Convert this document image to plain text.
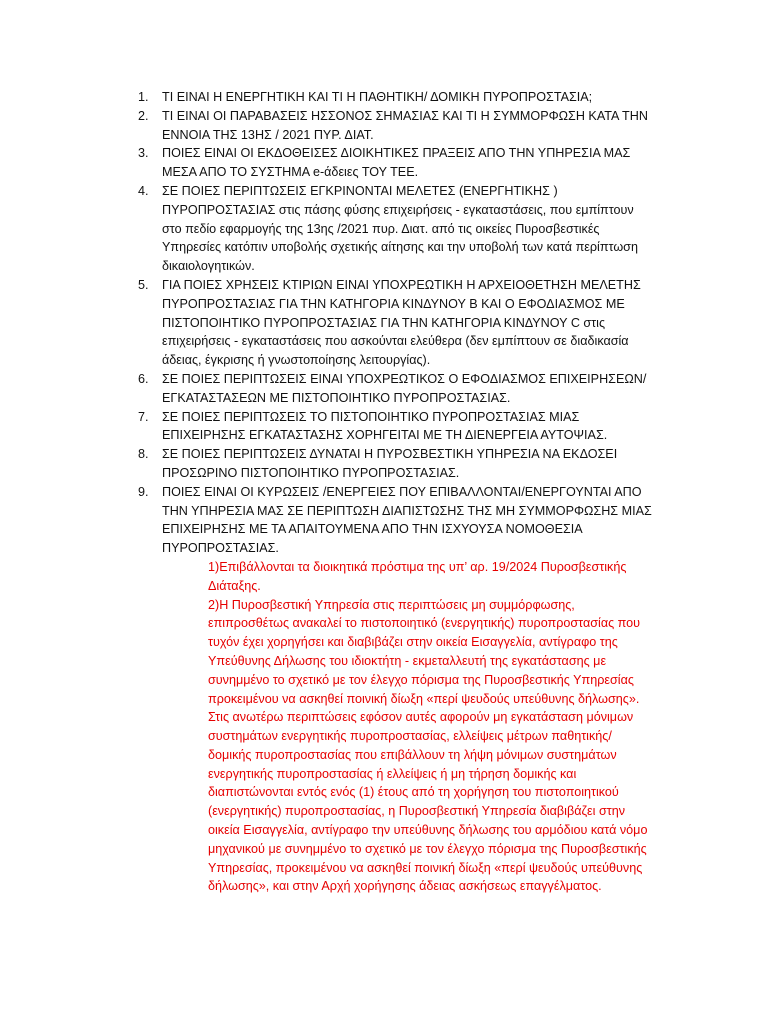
1. ΤΙ ΕΙΝΑΙ Η ΕΝΕΡΓΗΤΙΚΗ ΚΑΙ ΤΙ Η ΠΑΘΗΤΙΚΗ/ ΔΟΜΙΚΗ ΠΥΡΟΠΡΟΣΤΑΣΙΑ;
2. ΤΙ ΕΙΝΑΙ ΟΙ ΠΑΡΑΒΑΣΕΙΣ ΗΣΣΟΝΟΣ ΣΗΜΑΣΙΑΣ ΚΑΙ ΤΙ Η ΣΥΜΜΟΡΦΩΣΗ ΚΑΤΑ ΤΗΝ ΕΝΝΟΙΑ ΤΗΣ 13ΗΣ / 2021 ΠΥΡ. ΔΙΑΤ.
3. ΠΟΙΕΣ ΕΙΝΑΙ ΟΙ ΕΚΔΟΘΕΙΣΕΣ ΔΙΟΙΚΗΤΙΚΕΣ ΠΡΑΞΕΙΣ ΑΠΟ ΤΗΝ ΥΠΗΡΕΣΙΑ ΜΑΣ ΜΕΣΑ ΑΠΟ ΤΟ ΣΥΣΤΗΜΑ e-άδειες ΤΟΥ ΤΕΕ.
4. ΣΕ ΠΟΙΕΣ ΠΕΡΙΠΤΩΣΕΙΣ ΕΓΚΡΙΝΟΝΤΑΙ ΜΕΛΕΤΕΣ (ΕΝΕΡΓΗΤΙΚΗΣ ) ΠΥΡΟΠΡΟΣΤΑΣΙΑΣ στις πάσης φύσης επιχειρήσεις - εγκαταστάσεις, που εμπίπτουν στο πεδίο εφαρμογής της 13ης /2021 πυρ. Διατ. από τις οικείες Πυροσβεστικές Υπηρεσίες κατόπιν υποβολής σχετικής αίτησης και την υποβολή των κατά περίπτωση δικαιολογητικών.
5. ΓΙΑ ΠΟΙΕΣ ΧΡΗΣΕΙΣ ΚΤΙΡΙΩΝ ΕΙΝΑΙ ΥΠΟΧΡΕΩΤΙΚΗ Η ΑΡΧΕΙΟΘΕΤΗΣΗ ΜΕΛΕΤΗΣ ΠΥΡΟΠΡΟΣΤΑΣΙΑΣ ΓΙΑ ΤΗΝ ΚΑΤΗΓΟΡΙΑ ΚΙΝΔΥΝΟΥ Β ΚΑΙ Ο ΕΦΟΔΙΑΣΜΟΣ ΜΕ ΠΙΣΤΟΠΟΙΗΤΙΚΟ ΠΥΡΟΠΡΟΣΤΑΣΙΑΣ ΓΙΑ ΤΗΝ ΚΑΤΗΓΟΡΙΑ ΚΙΝΔΥΝΟΥ C στις επιχειρήσεις - εγκαταστάσεις που ασκούνται ελεύθερα (δεν εμπίπτουν σε διαδικασία άδειας, έγκρισης ή γνωστοποίησης λειτουργίας).
6. ΣΕ ΠΟΙΕΣ ΠΕΡΙΠΤΩΣΕΙΣ ΕΙΝΑΙ ΥΠΟΧΡΕΩΤΙΚΟΣ Ο ΕΦΟΔΙΑΣΜΟΣ ΕΠΙΧΕΙΡΗΣΕΩΝ/ΕΓΚΑΤΑΣΤΑΣΕΩΝ ΜΕ ΠΙΣΤΟΠΟΙΗΤΙΚΟ ΠΥΡΟΠΡΟΣΤΑΣΙΑΣ.
7. ΣΕ ΠΟΙΕΣ ΠΕΡΙΠΤΩΣΕΙΣ ΤΟ ΠΙΣΤΟΠΟΙΗΤΙΚΟ ΠΥΡΟΠΡΟΣΤΑΣΙΑΣ ΜΙΑΣ ΕΠΙΧΕΙΡΗΣΗΣ ΕΓΚΑΤΑΣΤΑΣΗΣ ΧΟΡΗΓΕΙΤΑΙ ΜΕ ΤΗ ΔΙΕΝΕΡΓΕΙΑ ΑΥΤΟΨΙΑΣ.
8. ΣΕ ΠΟΙΕΣ ΠΕΡΙΠΤΩΣΕΙΣ ΔΥΝΑΤΑΙ Η ΠΥΡΟΣΒΕΣΤΙΚΗ ΥΠΗΡΕΣΙΑ ΝΑ ΕΚΔΟΣΕΙ ΠΡΟΣΩΡΙΝΟ ΠΙΣΤΟΠΟΙΗΤΙΚΟ ΠΥΡΟΠΡΟΣΤΑΣΙΑΣ.
9. ΠΟΙΕΣ ΕΙΝΑΙ ΟΙ ΚΥΡΩΣΕΙΣ /ΕΝΕΡΓΕΙΕΣ ΠΟΥ ΕΠΙΒΑΛΛΟΝΤΑΙ/ΕΝΕΡΓΟΥΝΤΑΙ ΑΠΟ ΤΗΝ ΥΠΗΡΕΣΙΑ ΜΑΣ ΣΕ ΠΕΡΙΠΤΩΣΗ ΔΙΑΠΙΣΤΩΣΗΣ ΤΗΣ ΜΗ ΣΥΜΜΟΡΦΩΣΗΣ ΜΙΑΣ ΕΠΙΧΕΙΡΗΣΗΣ ΜΕ ΤΑ ΑΠΑΙΤΟΥΜΕΝΑ ΑΠΟ ΤΗΝ ΙΣΧΥΟΥΣΑ ΝΟΜΟΘΕΣΙΑ ΠΥΡΟΠΡΟΣΤΑΣΙΑΣ.
1)Επιβάλλονται τα διοικητικά πρόστιμα της υπ’ αρ. 19/2024 Πυροσβεστικής Διάταξης.
2)Η Πυροσβεστική Υπηρεσία στις περιπτώσεις μη συμμόρφωσης, επιπροσθέτως ανακαλεί το πιστοποιητικό (ενεργητικής) πυροπροστασίας που τυχόν έχει χορηγήσει και διαβιβάζει στην οικεία Εισαγγελία, αντίγραφο της Υπεύθυνης Δήλωσης του ιδιοκτήτη - εκμεταλλευτή της εγκατάστασης με συνημμένο το σχετικό με τον έλεγχο πόρισμα της Πυροσβεστικής Υπηρεσίας προκειμένου να ασκηθεί ποινική δίωξη «περί ψευδούς υπεύθυνης δήλωσης». Στις ανωτέρω περιπτώσεις εφόσον αυτές αφορούν μη εγκατάσταση μόνιμων συστημάτων ενεργητικής πυροπροστασίας, ελλείψεις μέτρων παθητικής/δομικής πυροπροστασίας που επιβάλλουν τη λήψη μόνιμων συστημάτων ενεργητικής πυροπροστασίας ή ελλείψεις ή μη τήρηση δομικής και διαπιστώνονται εντός ενός (1) έτους από τη χορήγηση του πιστοποιητικού (ενεργητικής) πυροπροστασίας, η Πυροσβεστική Υπηρεσία διαβιβάζει στην οικεία Εισαγγελία, αντίγραφο την υπεύθυνης δήλωσης του αρμόδιου κατά νόμο μηχανικού με συνημμένο το σχετικό με τον έλεγχο πόρισμα της Πυροσβεστικής Υπηρεσίας, προκειμένου να ασκηθεί ποινική δίωξη «περί ψευδούς υπεύθυνης δήλωσης», και στην Αρχή χορήγησης άδειας ασκήσεως επαγγέλματος.
